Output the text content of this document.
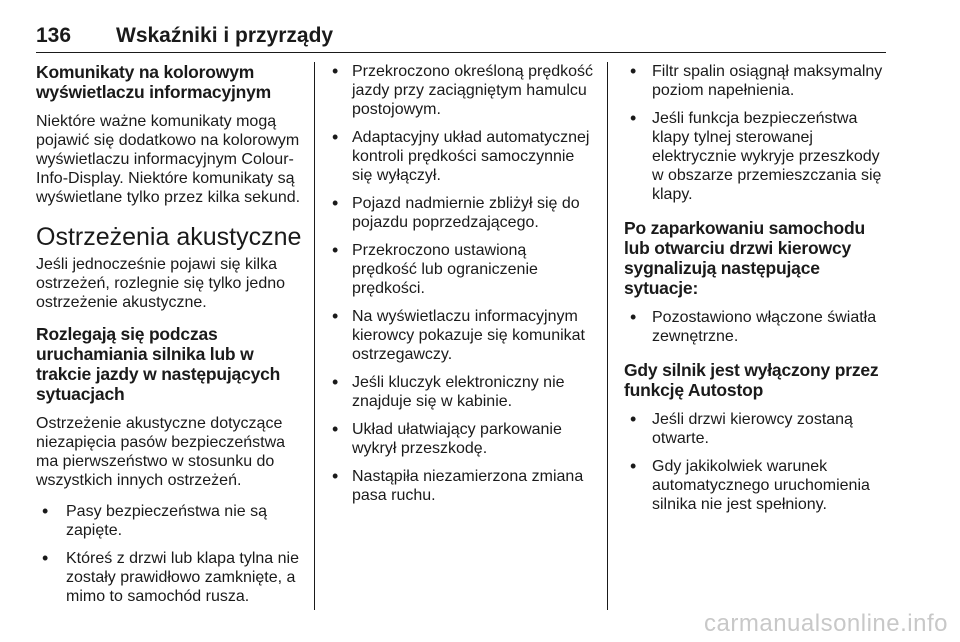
136 Wskaźniki i przyrządy
Komunikaty na kolorowym wyświetlaczu informacyjnym

Niektóre ważne komunikaty mogą pojawić się dodatkowo na kolorowym wyświetlaczu informacyjnym Colour-Info-Display. Niektóre komunikaty są wyświetlane tylko przez kilka sekund.

Ostrzeżenia akustyczne

Jeśli jednocześnie pojawi się kilka ostrzeżeń, rozlegnie się tylko jedno ostrzeżenie akustyczne.

Rozlegają się podczas uruchamiania silnika lub w trakcie jazdy w następujących sytuacjach

Ostrzeżenie akustyczne dotyczące niezapięcia pasów bezpieczeństwa ma pierwszeństwo w stosunku do wszystkich innych ostrzeżeń.

• Pasy bezpieczeństwa nie są zapięte.
• Któreś z drzwi lub klapa tylna nie zostały prawidłowo zamknięte, a mimo to samochód rusza.
• Przekroczono określoną prędkość jazdy przy zaciągniętym hamulcu postojowym.
• Adaptacyjny układ automatycznej kontroli prędkości samoczynnie się wyłączył.
• Pojazd nadmiernie zbliżył się do pojazdu poprzedzającego.
• Przekroczono ustawioną prędkość lub ograniczenie prędkości.
• Na wyświetlaczu informacyjnym kierowcy pokazuje się komunikat ostrzegawczy.
• Jeśli kluczyk elektroniczny nie znajduje się w kabinie.
• Układ ułatwiający parkowanie wykrył przeszkodę.
• Nastąpiła niezamierzona zmiana pasa ruchu.
• Filtr spalin osiągnął maksymalny poziom napełnienia.
• Jeśli funkcja bezpieczeństwa klapy tylnej sterowanej elektrycznie wykryje przeszkody w obszarze przemieszczania się klapy.
Po zaparkowaniu samochodu lub otwarciu drzwi kierowcy sygnalizują następujące sytuacje:
• Pozostawiono włączone światła zewnętrzne.
Gdy silnik jest wyłączony przez funkcję Autostop
• Jeśli drzwi kierowcy zostaną otwarte.
• Gdy jakikolwiek warunek automatycznego uruchomienia silnika nie jest spełniony.
carmanualsonline.info
